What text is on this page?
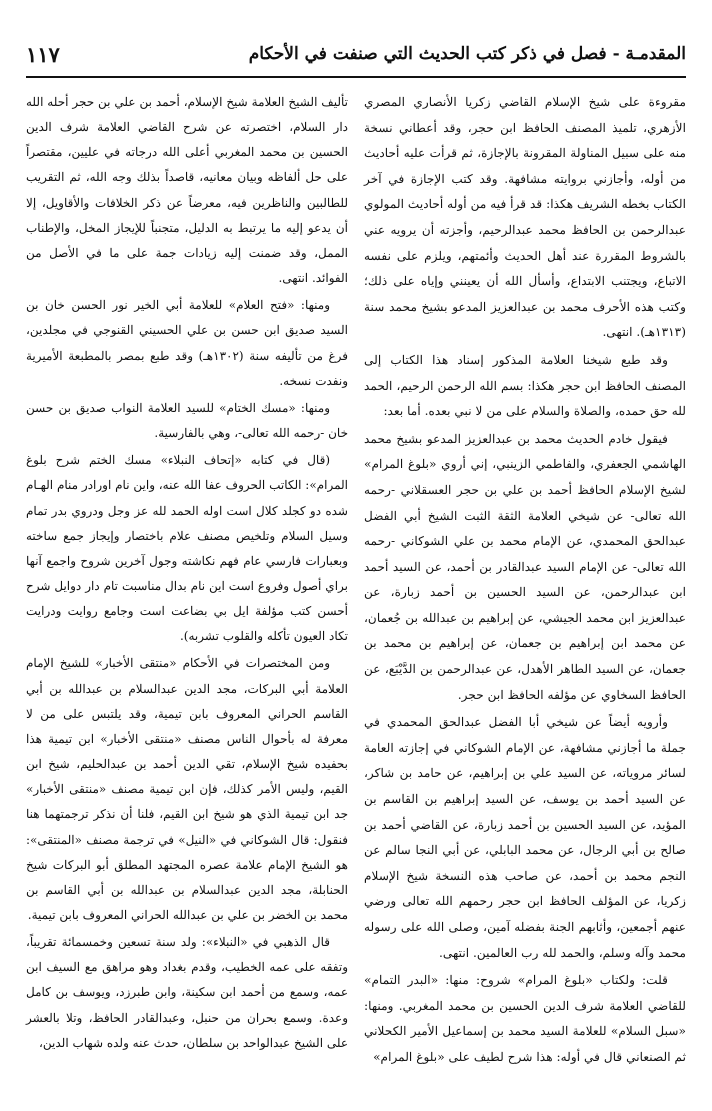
المقدمـة - فصل في ذكر كتب الحديث التي صنفت في الأحكام
١١٧

مقروءة على شيخ الإسلام القاضي زكريا الأنصاري المصري الأزهري، تلميذ المصنف الحافظ ابن حجر، وقد أعطاني نسخة منه على سبيل المناولة المقرونة بالإجازة، ثم قرأت عليه أحاديث من أوله، وأجازني بروايته مشافهة. وقد كتب الإجازة في آخر الكتاب بخطه الشريف هكذا: قد قرأ فيه من أوله أحاديث المولوي عبدالرحمن بن الحافظ محمد عبدالرحيم، وأجزته أن يرويه عني بالشروط المقررة عند أهل الحديث وأئمتهم، ويلزم على نفسه الاتباع، ويجتنب الابتداع، وأسأل الله أن يعينني وإياه على ذلك؛ وكتب هذه الأحرف محمد بن عبدالعزيز المدعو بشيخ محمد سنة (١٣١٣هـ). انتهى.

وقد طبع شيخنا العلامة المذكور إسناد هذا الكتاب إلى المصنف الحافظ ابن حجر هكذا: بسم الله الرحمن الرحيم، الحمد لله حق حمده، والصلاة والسلام على من لا نبي بعده. أما بعد:

فيقول خادم الحديث محمد بن عبدالعزيز المدعو بشيخ محمد الهاشمي الجعفري، والفاطمي الزينبي، إني أروي «بلوغ المرام» لشيخ الإسلام الحافظ أحمد بن علي بن حجر العسقلاني -رحمه الله تعالى- عن شيخي العلامة الثقة الثبت الشيخ أبي الفضل عبدالحق المحمدي، عن الإمام محمد بن علي الشوكاني -رحمه الله تعالى- عن الإمام السيد عبدالقادر بن أحمد، عن السيد أحمد ابن عبدالرحمن، عن السيد الحسين بن أحمد زبارة، عن عبدالعزيز ابن محمد الجيشي، عن إبراهيم بن عبدالله بن جُعمان، عن محمد ابن إبراهيم بن جعمان، عن إبراهيم بن محمد بن جعمان، عن السيد الطاهر الأهدل، عن عبدالرحمن بن الدَّيْبَع، عن الحافظ السخاوي عن مؤلفه الحافظ ابن حجر.

وأرويه أيضاً عن شيخي أبا الفضل عبدالحق المحمدي في جملة ما أجازني مشافهة، عن الإمام الشوكاني في إجازته العامة لسائر مروياته، عن السيد علي بن إبراهيم، عن حامد بن شاكر، عن السيد أحمد بن يوسف، عن السيد إبراهيم بن القاسم بن المؤيد، عن السيد الحسين بن أحمد زبارة، عن القاضي أحمد بن صالح بن أبي الرجال، عن محمد البابلي، عن أبي النجا سالم عن النجم محمد بن أحمد، عن صاحب هذه النسخة شيخ الإسلام زكريا، عن المؤلف الحافظ ابن حجر رحمهم الله تعالى ورضي عنهم أجمعين، وأثابهم الجنة بفضله آمين، وصلى الله على رسوله محمد وآله وسلم، والحمد لله رب العالمين. انتهى.

قلت: ولكتاب «بلوغ المرام» شروح: منها: «البدر التمام» للقاضي العلامة شرف الدين الحسين بن محمد المغربي. ومنها: «سبل السلام» للعلامة السيد محمد بن إسماعيل الأمير الكحلاني ثم الصنعاني قال في أوله: هذا شرح لطيف على «بلوغ المرام»

تأليف الشيخ العلامة شيخ الإسلام، أحمد بن علي بن حجر أحله الله دار السلام، اختصرته عن شرح القاضي العلامة شرف الدين الحسين بن محمد المغربي أعلى الله درجاته في عليين، مقتصراً على حل ألفاظه وبيان معانيه، قاصداً بذلك وجه الله، ثم التقريب للطالبين والناظرين فيه، معرضاً عن ذكر الخلافات والأقاويل، إلا أن يدعو إليه ما يرتبط به الدليل، متجنباً للإيجاز المخل، والإطناب الممل، وقد ضمنت إليه زيادات جمة على ما في الأصل من الفوائد. انتهى.

ومنها: «فتح العلام» للعلامة أبي الخير نور الحسن خان بن السيد صديق ابن حسن بن علي الحسيني القنوجي في مجلدين، فرغ من تأليفه سنة (١٣٠٢هـ) وقد طبع بمصر بالمطبعة الأميرية ونفدت نسخه.

ومنها: «مسك الختام» للسيد العلامة النواب صديق بن حسن خان -رحمه الله تعالى-، وهي بالفارسية.

(قال في كتابه «إتحاف النبلاء» مسك الختم شرح بلوغ المرام»: الكاتب الحروف عفا الله عنه، واين نام اورادر منام الهـام شده دو كجلد كلال است اوله الحمد لله عز وجل ودروي بدر تمام وسيل السلام وتلخيص مصنف علام باختصار وإيجاز جمع ساخته وبعبارات فارسي عام فهم نكاشته وجول آخرين شروح واجمع آنها براي أصول وفروع است اين نام بدال مناسبت تام دار دوايل شرح أحسن كتب مؤلفة ايل بي بضاعت است وجامع روايت ودرايت تكاد العيون تأكله والقلوب تشربه).

ومن المختصرات في الأحكام «منتقى الأخبار» للشيخ الإمام العلامة أبي البركات، مجد الدين عبدالسلام بن عبدالله بن أبي القاسم الحراني المعروف بابن تيمية، وقد يلتبس على من لا معرفة له بأحوال الناس مصنف «منتقى الأخبار» ابن تيمية هذا بحفيده شيخ الإسلام، تقي الدين أحمد بن عبدالحليم، شيخ ابن القيم، وليس الأمر كذلك، فإن ابن تيمية مصنف «منتقى الأخبار» جد ابن تيمية الذي هو شيخ ابن القيم، فلنا أن نذكر ترجمتهما هنا فنقول: قال الشوكاني في «النيل» في ترجمة مصنف «المنتقى»: هو الشيخ الإمام علامة عصره المجتهد المطلق أبو البركات شيخ الحنابلة، مجد الدين عبدالسلام بن عبدالله بن أبي القاسم بن محمد بن الخضر بن علي بن عبدالله الحراني المعروف بابن تيمية.

قال الذهبي في «النبلاء»: ولد سنة تسعين وخمسمائة تقريباً، وتفقه على عمه الخطيب، وقدم بغداد وهو مراهق مع السيف ابن عمه، وسمع من أحمد ابن سكينة، وابن طبرزد، ويوسف بن كامل وعدة. وسمع بحران من حنبل، وعبدالقادر الحافظ، وتلا بالعشر على الشيخ عبدالواحد بن سلطان، حدث عنه ولده شهاب الدين،
